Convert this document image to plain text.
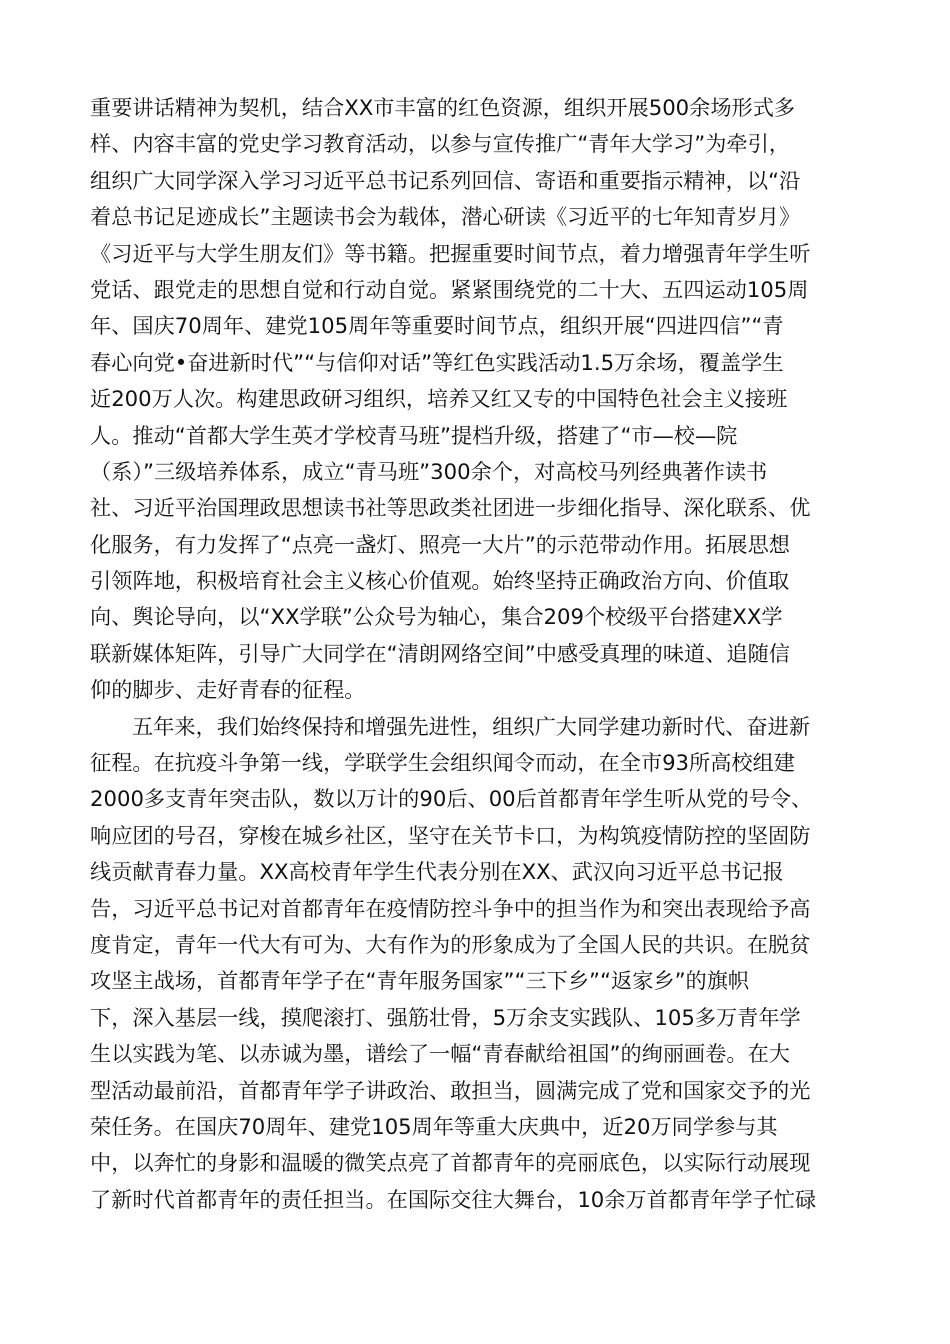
重要讲话精神为契机，结合XX市丰富的红色资源，组织开展500余场形式多
样、内容丰富的党史学习教育活动，以参与宣传推广“青年大学习”为牵引，
组织广大同学深入学习习近平总书记系列回信、寄语和重要指示精神，以“沿
着总书记足迹成长”主题读书会为载体，潜心研读《习近平的七年知青岁月》
《习近平与大学生朋友们》等书籍。把握重要时间节点，着力增强青年学生听
党话、跟党走的思想自觉和行动自觉。紧紧围绕党的二十大、五四运动105周
年、国庆70周年、建党105周年等重要时间节点，组织开展“四进四信”“青
春心向党•奋进新时代”“与信仰对话”等红色实践活动1.5万余场，覆盖学生
近200万人次。构建思政研习组织，培养又红又专的中国特色社会主义接班
人。推动“首都大学生英才学校青马班”提档升级，搭建了“市—校—院
（系）”三级培养体系，成立“青马班”300余个，对高校马列经典著作读书
社、习近平治国理政思想读书社等思政类社团进一步细化指导、深化联系、优
化服务，有力发挥了“点亮一盏灯、照亮一大片”的示范带动作用。拓展思想
引领阵地，积极培育社会主义核心价值观。始终坚持正确政治方向、价值取
向、舆论导向，以“XX学联”公众号为轴心，集合209个校级平台搭建XX学
联新媒体矩阵，引导广大同学在“清朗网络空间”中感受真理的味道、追随信
仰的脚步、走好青春的征程。
五年来，我们始终保持和增强先进性，组织广大同学建功新时代、奋进新
征程。在抗疫斗争第一线，学联学生会组织闻令而动，在全市93所高校组建
2000多支青年突击队，数以万计的90后、00后首都青年学生听从党的号令、
响应团的号召，穿梭在城乡社区，坚守在关节卡口，为构筑疫情防控的坚固防
线贡献青春力量。XX高校青年学生代表分别在XX、武汉向习近平总书记报
告，习近平总书记对首都青年在疫情防控斗争中的担当作为和突出表现给予高
度肯定，青年一代大有可为、大有作为的形象成为了全国人民的共识。在脱贫
攻坚主战场，首都青年学子在“青年服务国家”“三下乡”“返家乡”的旗帜
下，深入基层一线，摸爬滚打、强筋壮骨，5万余支实践队、105多万青年学
生以实践为笔、以赤诚为墨，谱绘了一幅“青春献给祖国”的绚丽画卷。在大
型活动最前沿，首都青年学子讲政治、敢担当，圆满完成了党和国家交予的光
荣任务。在国庆70周年、建党105周年等重大庆典中，近20万同学参与其
中，以奔忙的身影和温暖的微笑点亮了首都青年的亮丽底色，以实际行动展现
了新时代首都青年的责任担当。在国际交往大舞台，10余万首都青年学子忙碌
